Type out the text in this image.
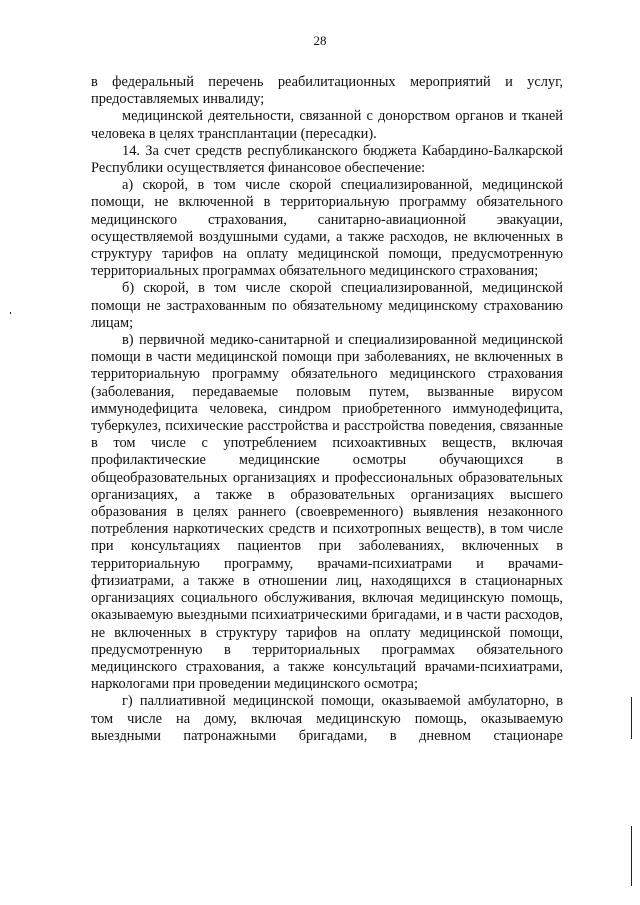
28

в федеральный перечень реабилитационных мероприятий и услуг, предоставляемых инвалиду;

медицинской деятельности, связанной с донорством органов и тканей человека в целях трансплантации (пересадки).

14. За счет средств республиканского бюджета Кабардино-Балкарской Республики осуществляется финансовое обеспечение:

а) скорой, в том числе скорой специализированной, медицинской помощи, не включенной в территориальную программу обязательного медицинского страхования, санитарно-авиационной эвакуации, осуществляемой воздушными судами, а также расходов, не включенных в структуру тарифов на оплату медицинской помощи, предусмотренную территориальных программах обязательного медицинского страхования;

б) скорой, в том числе скорой специализированной, медицинской помощи не застрахованным по обязательному медицинскому страхованию лицам;

в) первичной медико-санитарной и специализированной медицинской помощи в части медицинской помощи при заболеваниях, не включенных в территориальную программу обязательного медицинского страхования (заболевания, передаваемые половым путем, вызванные вирусом иммунодефицита человека, синдром приобретенного иммунодефицита, туберкулез, психические расстройства и расстройства поведения, связанные в том числе с употреблением психоактивных веществ, включая профилактические медицинские осмотры обучающихся в общеобразовательных организациях и профессиональных образовательных организациях, а также в образовательных организациях высшего образования в целях раннего (своевременного) выявления незаконного потребления наркотических средств и психотропных веществ), в том числе при консультациях пациентов при заболеваниях, включенных в территориальную программу, врачами-психиатрами и врачами-фтизиатрами, а также в отношении лиц, находящихся в стационарных организациях социального обслуживания, включая медицинскую помощь, оказываемую выездными психиатрическими бригадами, и в части расходов, не включенных в структуру тарифов на оплату медицинской помощи, предусмотренную в территориальных программах обязательного медицинского страхования, а также консультаций врачами-психиатрами, наркологами при проведении медицинского осмотра;

г) паллиативной медицинской помощи, оказываемой амбулаторно, в том числе на дому, включая медицинскую помощь, оказываемую выездными патронажными бригадами, в дневном стационаре
